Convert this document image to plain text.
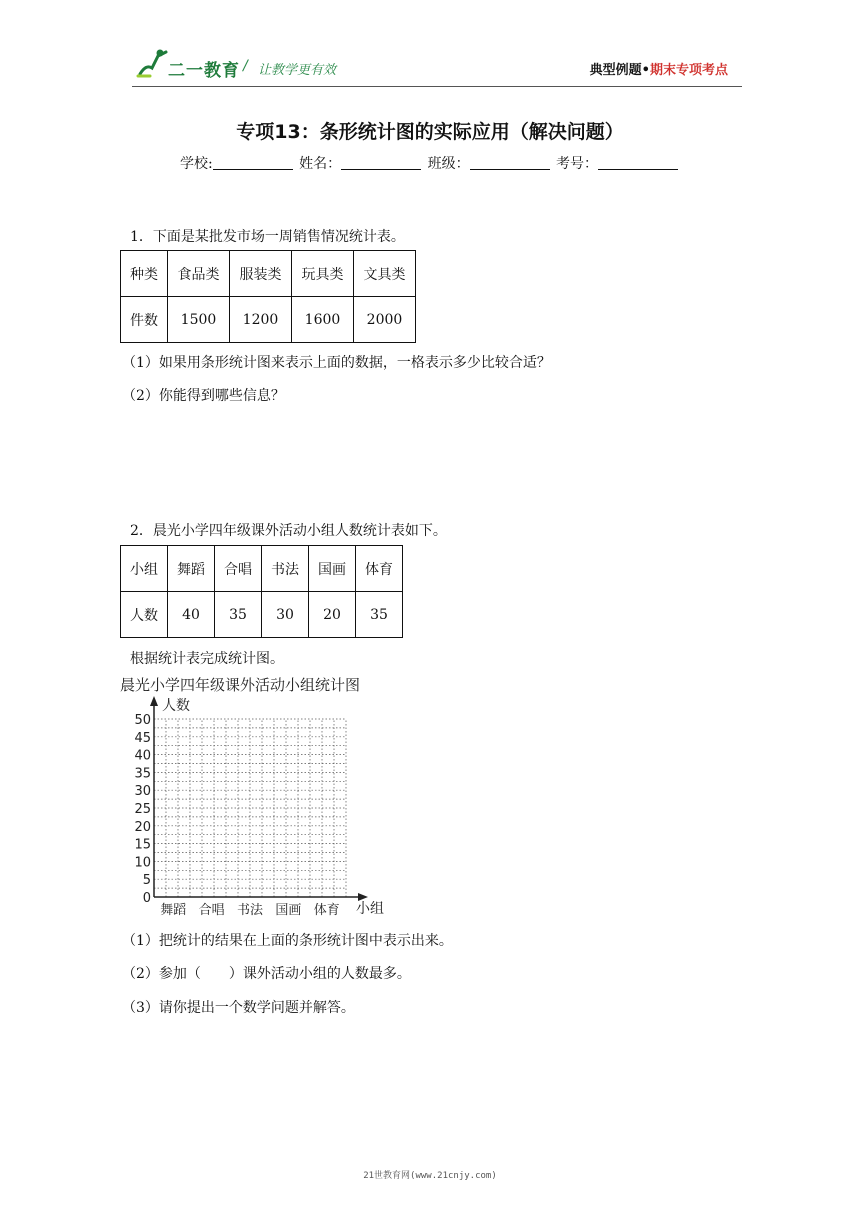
二一教育 / 让教学更有效	典型例题•期末专项考点
专项13：条形统计图的实际应用（解决问题）
学校:	姓名：	班级：	考号：
1．下面是某批发市场一周销售情况统计表。
种类	食品类	服装类	玩具类	文具类
件数	1500	1200	1600	2000
（1）如果用条形统计图来表示上面的数据，一格表示多少比较合适？
（2）你能得到哪些信息？
2．晨光小学四年级课外活动小组人数统计表如下。
小组	舞蹈	合唱	书法	国画	体育
人数	40	35	30	20	35
根据统计表完成统计图。
晨光小学四年级课外活动小组统计图
人数
小组
0
5
10
15
20
25
30
35
40
45
50
舞蹈 合唱 书法 国画 体育
（1）把统计的结果在上面的条形统计图中表示出来。
（2）参加（　　）课外活动小组的人数最多。
（3）请你提出一个数学问题并解答。
21世教育网(www.21cnjy.com)
